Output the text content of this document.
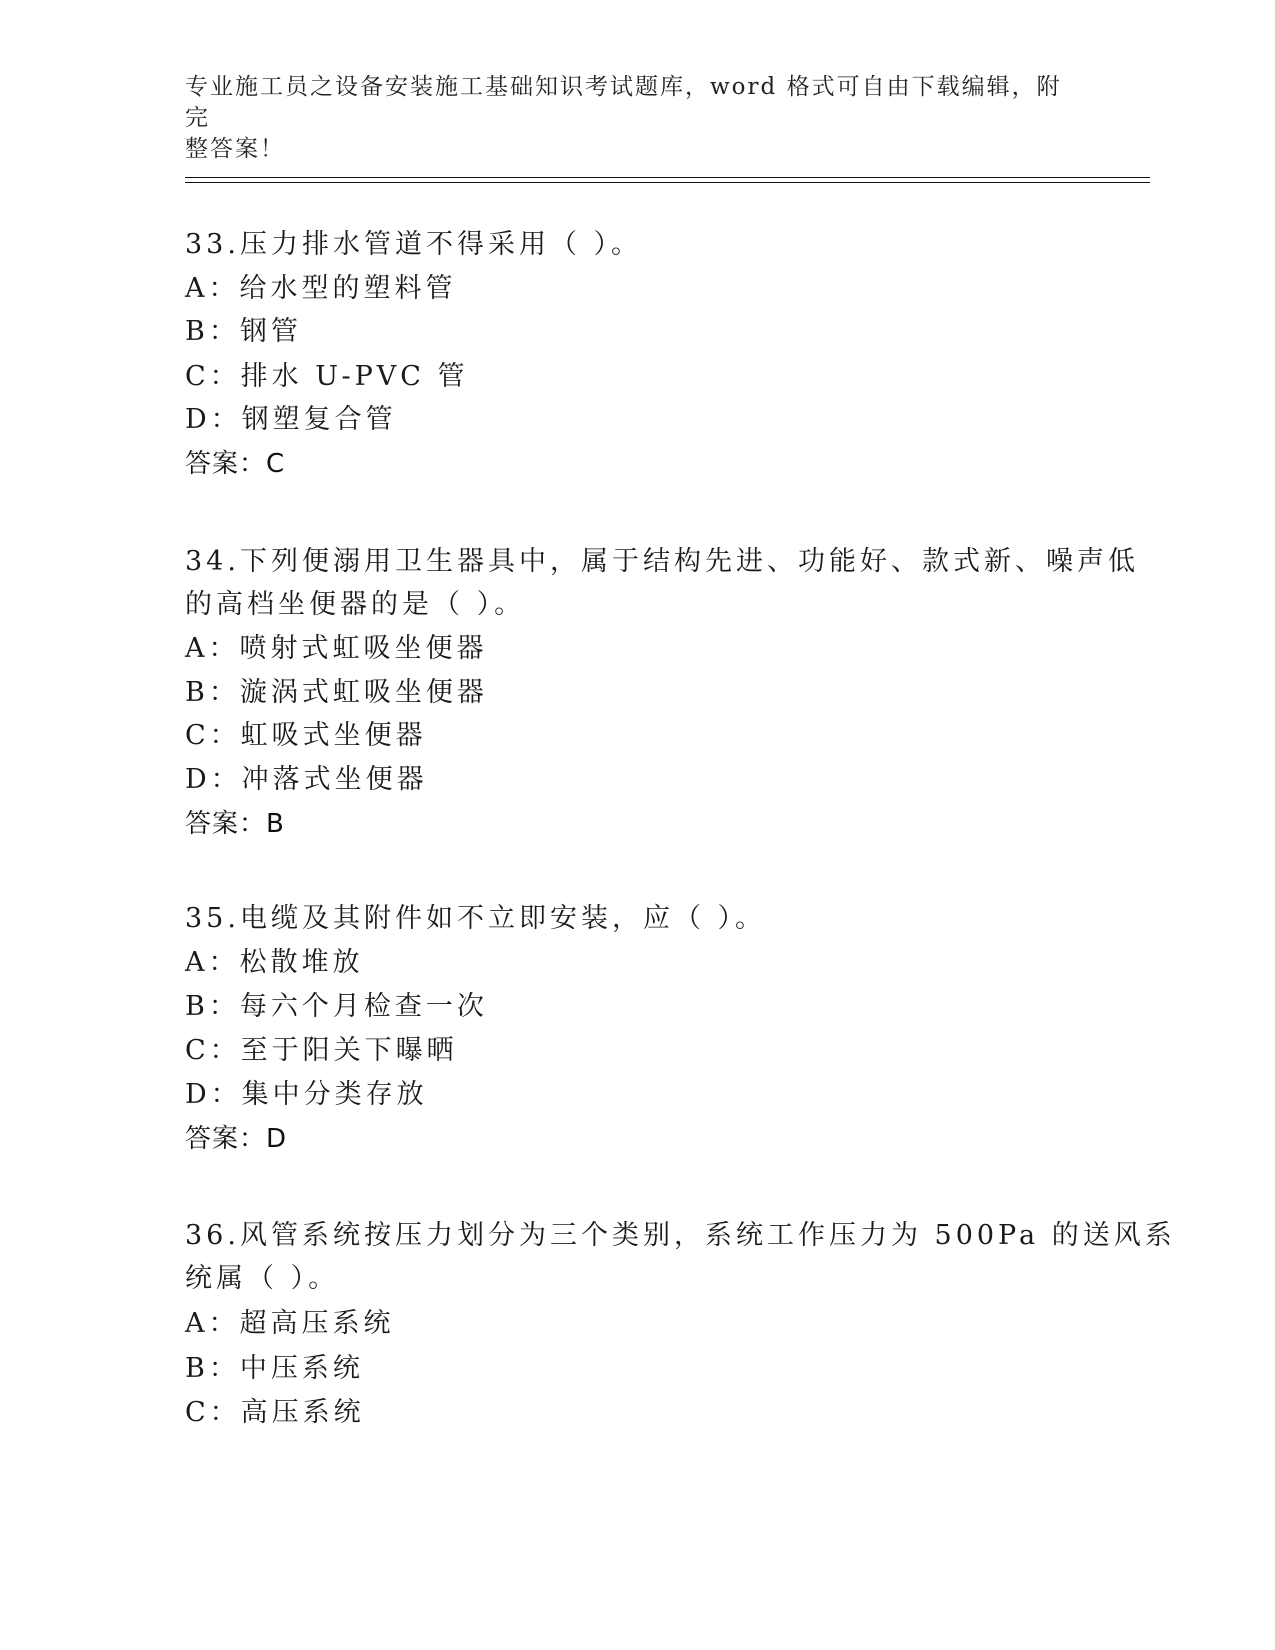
专业施工员之设备安装施工基础知识考试题库，word 格式可自由下载编辑，附完
整答案！
33.压力排水管道不得采用（ ）。
A：给水型的塑料管
B：钢管
C：排水 U-PVC 管
D：钢塑复合管
答案：C
34.下列便溺用卫生器具中，属于结构先进、功能好、款式新、噪声低
的高档坐便器的是（ ）。
A：喷射式虹吸坐便器
B：漩涡式虹吸坐便器
C：虹吸式坐便器
D：冲落式坐便器
答案：B
35.电缆及其附件如不立即安装，应（ ）。
A：松散堆放
B：每六个月检查一次
C：至于阳关下曝晒
D：集中分类存放
答案：D
36.风管系统按压力划分为三个类别，系统工作压力为 500Pa 的送风系
统属（ ）。
A：超高压系统
B：中压系统
C：高压系统
